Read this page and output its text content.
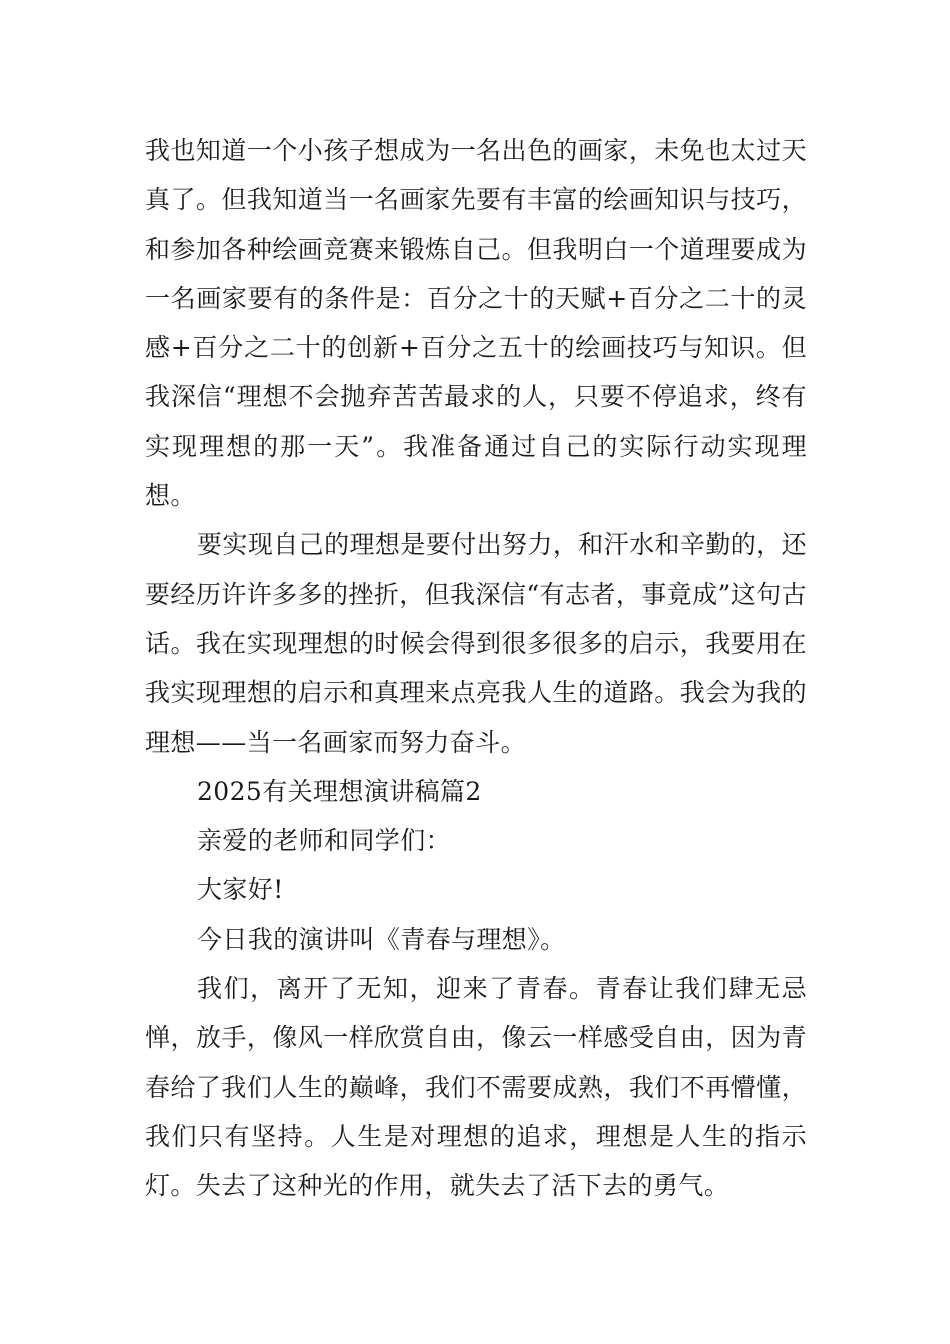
我也知道一个小孩子想成为一名出色的画家，未免也太过天真了。但我知道当一名画家先要有丰富的绘画知识与技巧，和参加各种绘画竞赛来锻炼自己。但我明白一个道理要成为一名画家要有的条件是：百分之十的天赋+百分之二十的灵感+百分之二十的创新+百分之五十的绘画技巧与知识。但我深信“理想不会抛弃苦苦最求的人，只要不停追求，终有实现理想的那一天”。我准备通过自己的实际行动实现理想。

要实现自己的理想是要付出努力，和汗水和辛勤的，还要经历许许多多的挫折，但我深信“有志者，事竟成”这句古话。我在实现理想的时候会得到很多很多的启示，我要用在我实现理想的启示和真理来点亮我人生的道路。我会为我的理想——当一名画家而努力奋斗。

2025有关理想演讲稿篇2

亲爱的老师和同学们：

大家好!

今日我的演讲叫《青春与理想》。

我们，离开了无知，迎来了青春。青春让我们肆无忌惮，放手，像风一样欣赏自由，像云一样感受自由，因为青春给了我们人生的巅峰，我们不需要成熟，我们不再懵懂，我们只有坚持。人生是对理想的追求，理想是人生的指示灯。失去了这种光的作用，就失去了活下去的勇气。
